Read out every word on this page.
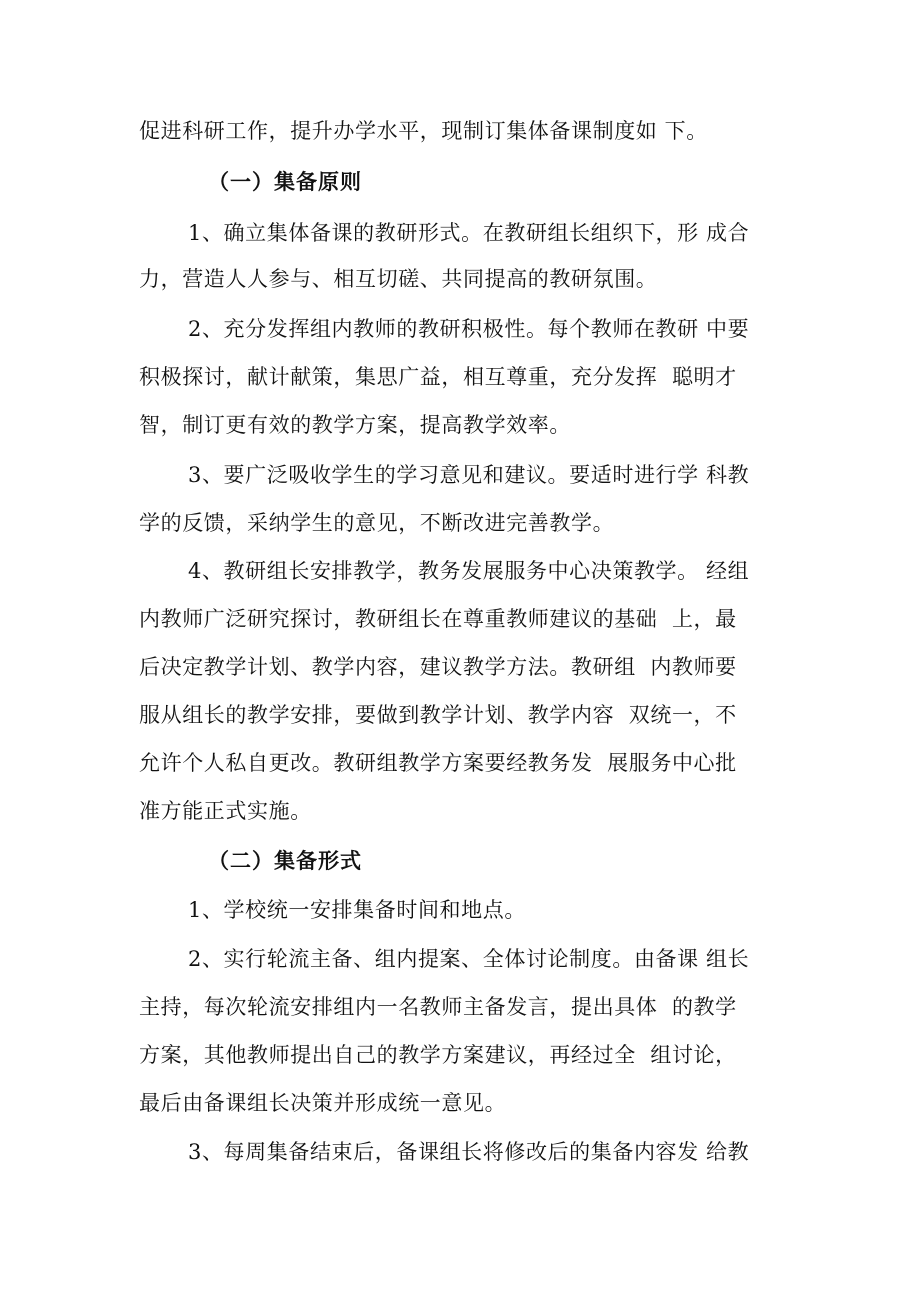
促进科研工作，提升办学水平，现制订集体备课制度如 下。
（一）集备原则
1、确立集体备课的教研形式。在教研组长组织下，形 成合
力，营造人人参与、相互切磋、共同提高的教研氛围。
2、充分发挥组内教师的教研积极性。每个教师在教研 中要
积极探讨，献计献策，集思广益，相互尊重，充分发挥  聪明才
智，制订更有效的教学方案，提高教学效率。
3、要广泛吸收学生的学习意见和建议。要适时进行学 科教
学的反馈，采纳学生的意见，不断改进完善教学。
4、教研组长安排教学，教务发展服务中心决策教学。 经组
内教师广泛研究探讨，教研组长在尊重教师建议的基础  上，最
后决定教学计划、教学内容，建议教学方法。教研组  内教师要
服从组长的教学安排，要做到教学计划、教学内容  双统一，不
允许个人私自更改。教研组教学方案要经教务发  展服务中心批
准方能正式实施。
（二）集备形式
1、学校统一安排集备时间和地点。
2、实行轮流主备、组内提案、全体讨论制度。由备课 组长
主持，每次轮流安排组内一名教师主备发言，提出具体  的教学
方案，其他教师提出自己的教学方案建议，再经过全  组讨论，
最后由备课组长决策并形成统一意见。
3、每周集备结束后，备课组长将修改后的集备内容发 给教
